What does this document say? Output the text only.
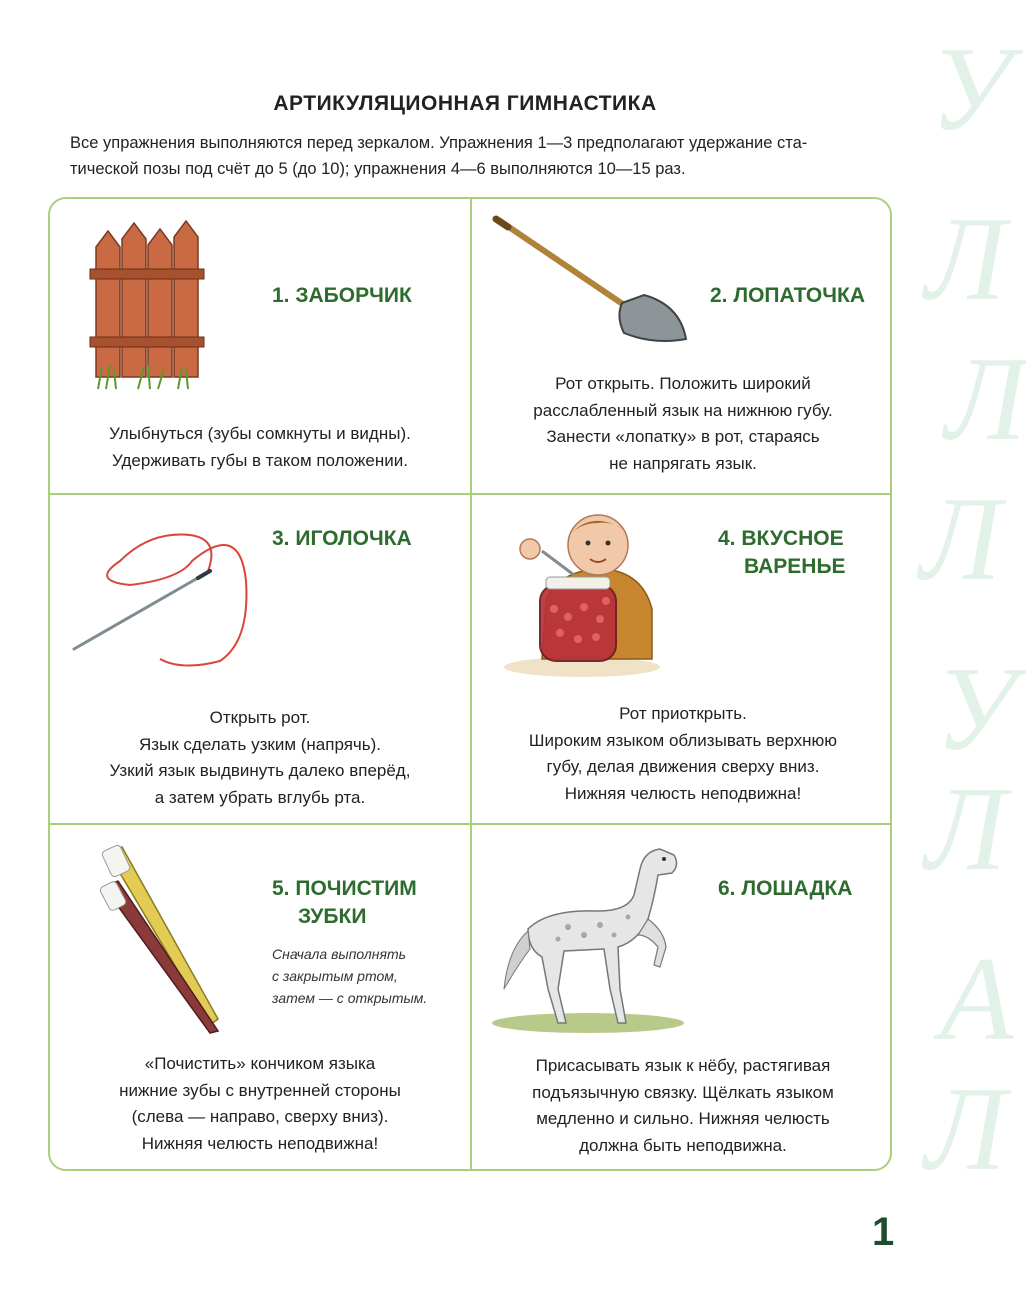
У
Л
Л
Л
У
Л
А
Л
АРТИКУЛЯЦИОННАЯ ГИМНАСТИКА

Все упражнения выполняются перед зеркалом. Упражнения 1—3 предполагают удержание ста-

тической позы под счёт до 5 (до 10); упражнения 4—6 выполняются 10—15 раз.

1. ЗАБОРЧИК
Улыбнуться (зубы сомкнуты и видны).
Удерживать губы в таком положении.
2. ЛОПАТОЧКА
Рот открыть. Положить широкий
расслабленный язык на нижнюю губу.
Занести «лопатку» в рот, стараясь
не напрягать язык.
3. ИГОЛОЧКА
Открыть рот.
Язык сделать узким (напрячь).
Узкий язык выдвинуть далеко вперёд,
а затем убрать вглубь рта.
4. ВКУСНОЕ
ВАРЕНЬЕ
Рот приоткрыть.
Широким языком облизывать верхнюю
губу, делая движения сверху вниз.
Нижняя челюсть неподвижна!
5. ПОЧИСТИМ
ЗУБКИ
Сначала выполнять
с закрытым ртом,
затем — с открытым.
«Почистить» кончиком языка
нижние зубы с внутренней стороны
(слева — направо, сверху вниз).
Нижняя челюсть неподвижна!
6. ЛОШАДКА
Присасывать язык к нёбу, растягивая
подъязычную связку. Щёлкать языком
медленно и сильно. Нижняя челюсть
должна быть неподвижна.
1
